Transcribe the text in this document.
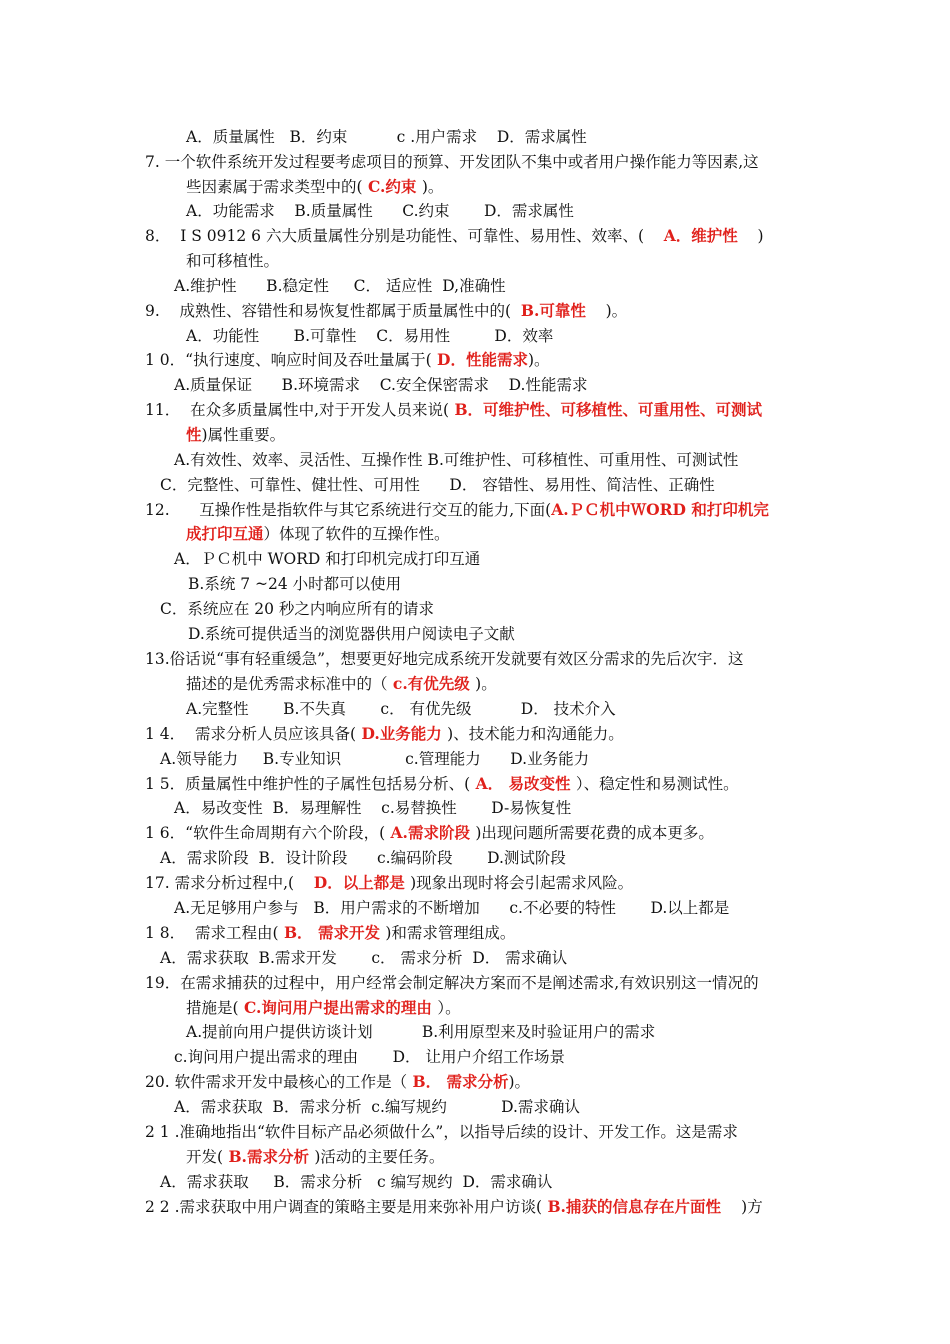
A．质量属性   B．约束          c .用户需求    D．需求属性
7. 一个软件系统开发过程要考虑项目的预算、开发团队不集中或者用户操作能力等因素,这
些因素属于需求类型中的( C.约束 )。
A．功能需求    B.质量属性      C.约束       D．需求属性
8．  I S 0912 6 六大质量属性分别是功能性、可靠性、易用性、效率、(    A．维护性    )
和可移植性。
A.维护性      B.稳定性     C． 适应性  D,准确性
9.    成熟性、容错性和易恢复性都属于质量属性中的(  B.可靠性    )。
A．功能性       B.可靠性    C．易用性         D．效率
1 0．“执行速度、响应时间及吞吐量属于( D．性能需求)。
A.质量保证      B.环境需求    C.安全保密需求    D.性能需求
11．  在众多质量属性中,对于开发人员来说( B．可维护性、可移植性、可重用性、可测试
性)属性重要。
A.有效性、效率、灵活性、互操作性 B.可维护性、可移植性、可重用性、可测试性
C．完整性、可靠性、健壮性、可用性      D． 容错性、易用性、简洁性、正确性
12.      互操作性是指软件与其它系统进行交互的能力,下面(A.ＰＣ机中ＷORD 和打印机完
成打印互通）体现了软件的互操作性。
A．ＰＣ机中 WORD 和打印机完成打印互通
B.系统 7 ~24 小时都可以使用
C．系统应在 20 秒之内响应所有的请求
D.系统可提供适当的浏览器供用户阅读电子文献
13.俗话说“事有轻重缓急”，想要更好地完成系统开发就要有效区分需求的先后次宇．这
描述的是优秀需求标准中的（ c.有优先级 )。
A.完整性       B.不失真       c． 有优先级          D． 技术介入
1 4．  需求分析人员应该具备( D.业务能力 )、技术能力和沟通能力。
A.领导能力     B.专业知识             c.管理能力      D.业务能力
1 5．质量属性中维护性的子属性包括易分析、( A． 易改变性 ）、稳定性和易测试性。
A．易改变性  B．易理解性    c.易替换性       D-易恢复性
1 6．“软件生命周期有六个阶段，( A.需求阶段 )出现问题所需要花费的成本更多。
A．需求阶段  B．设计阶段      c.编码阶段       D.测试阶段
17. 需求分析过程中,(    D．以上都是 )现象出现时将会引起需求风险。
A.无足够用户参与   B．用户需求的不断增加      c.不必要的特性       D.以上都是
1 8．  需求工程由( B． 需求开发 )和需求管理组成。
A．需求获取  B.需求开发       c． 需求分析  D． 需求确认
19．在需求捕获的过程中，用户经常会制定解决方案而不是阐述需求,有效识别这一情况的
措施是( C.询问用户提出需求的理由 ）。
A.提前向用户提供访谈计划          B.利用原型来及时验证用户的需求
c.询问用户提出需求的理由       D． 让用户介绍工作场景
20. 软件需求开发中最核心的工作是（ B． 需求分析)。
A．需求获取  B．需求分析  c.编写规约           D.需求确认
2 1 .准确地指出“软件目标产品必须做什么”，以指导后续的设计、开发工作。这是需求
开发( B.需求分析 )活动的主要任务。
A．需求获取     B．需求分析   c 编写规约  D．需求确认
2 2 .需求获取中用户调查的策略主要是用来弥补用户访谈( B.捕获的信息存在片面性    )方
